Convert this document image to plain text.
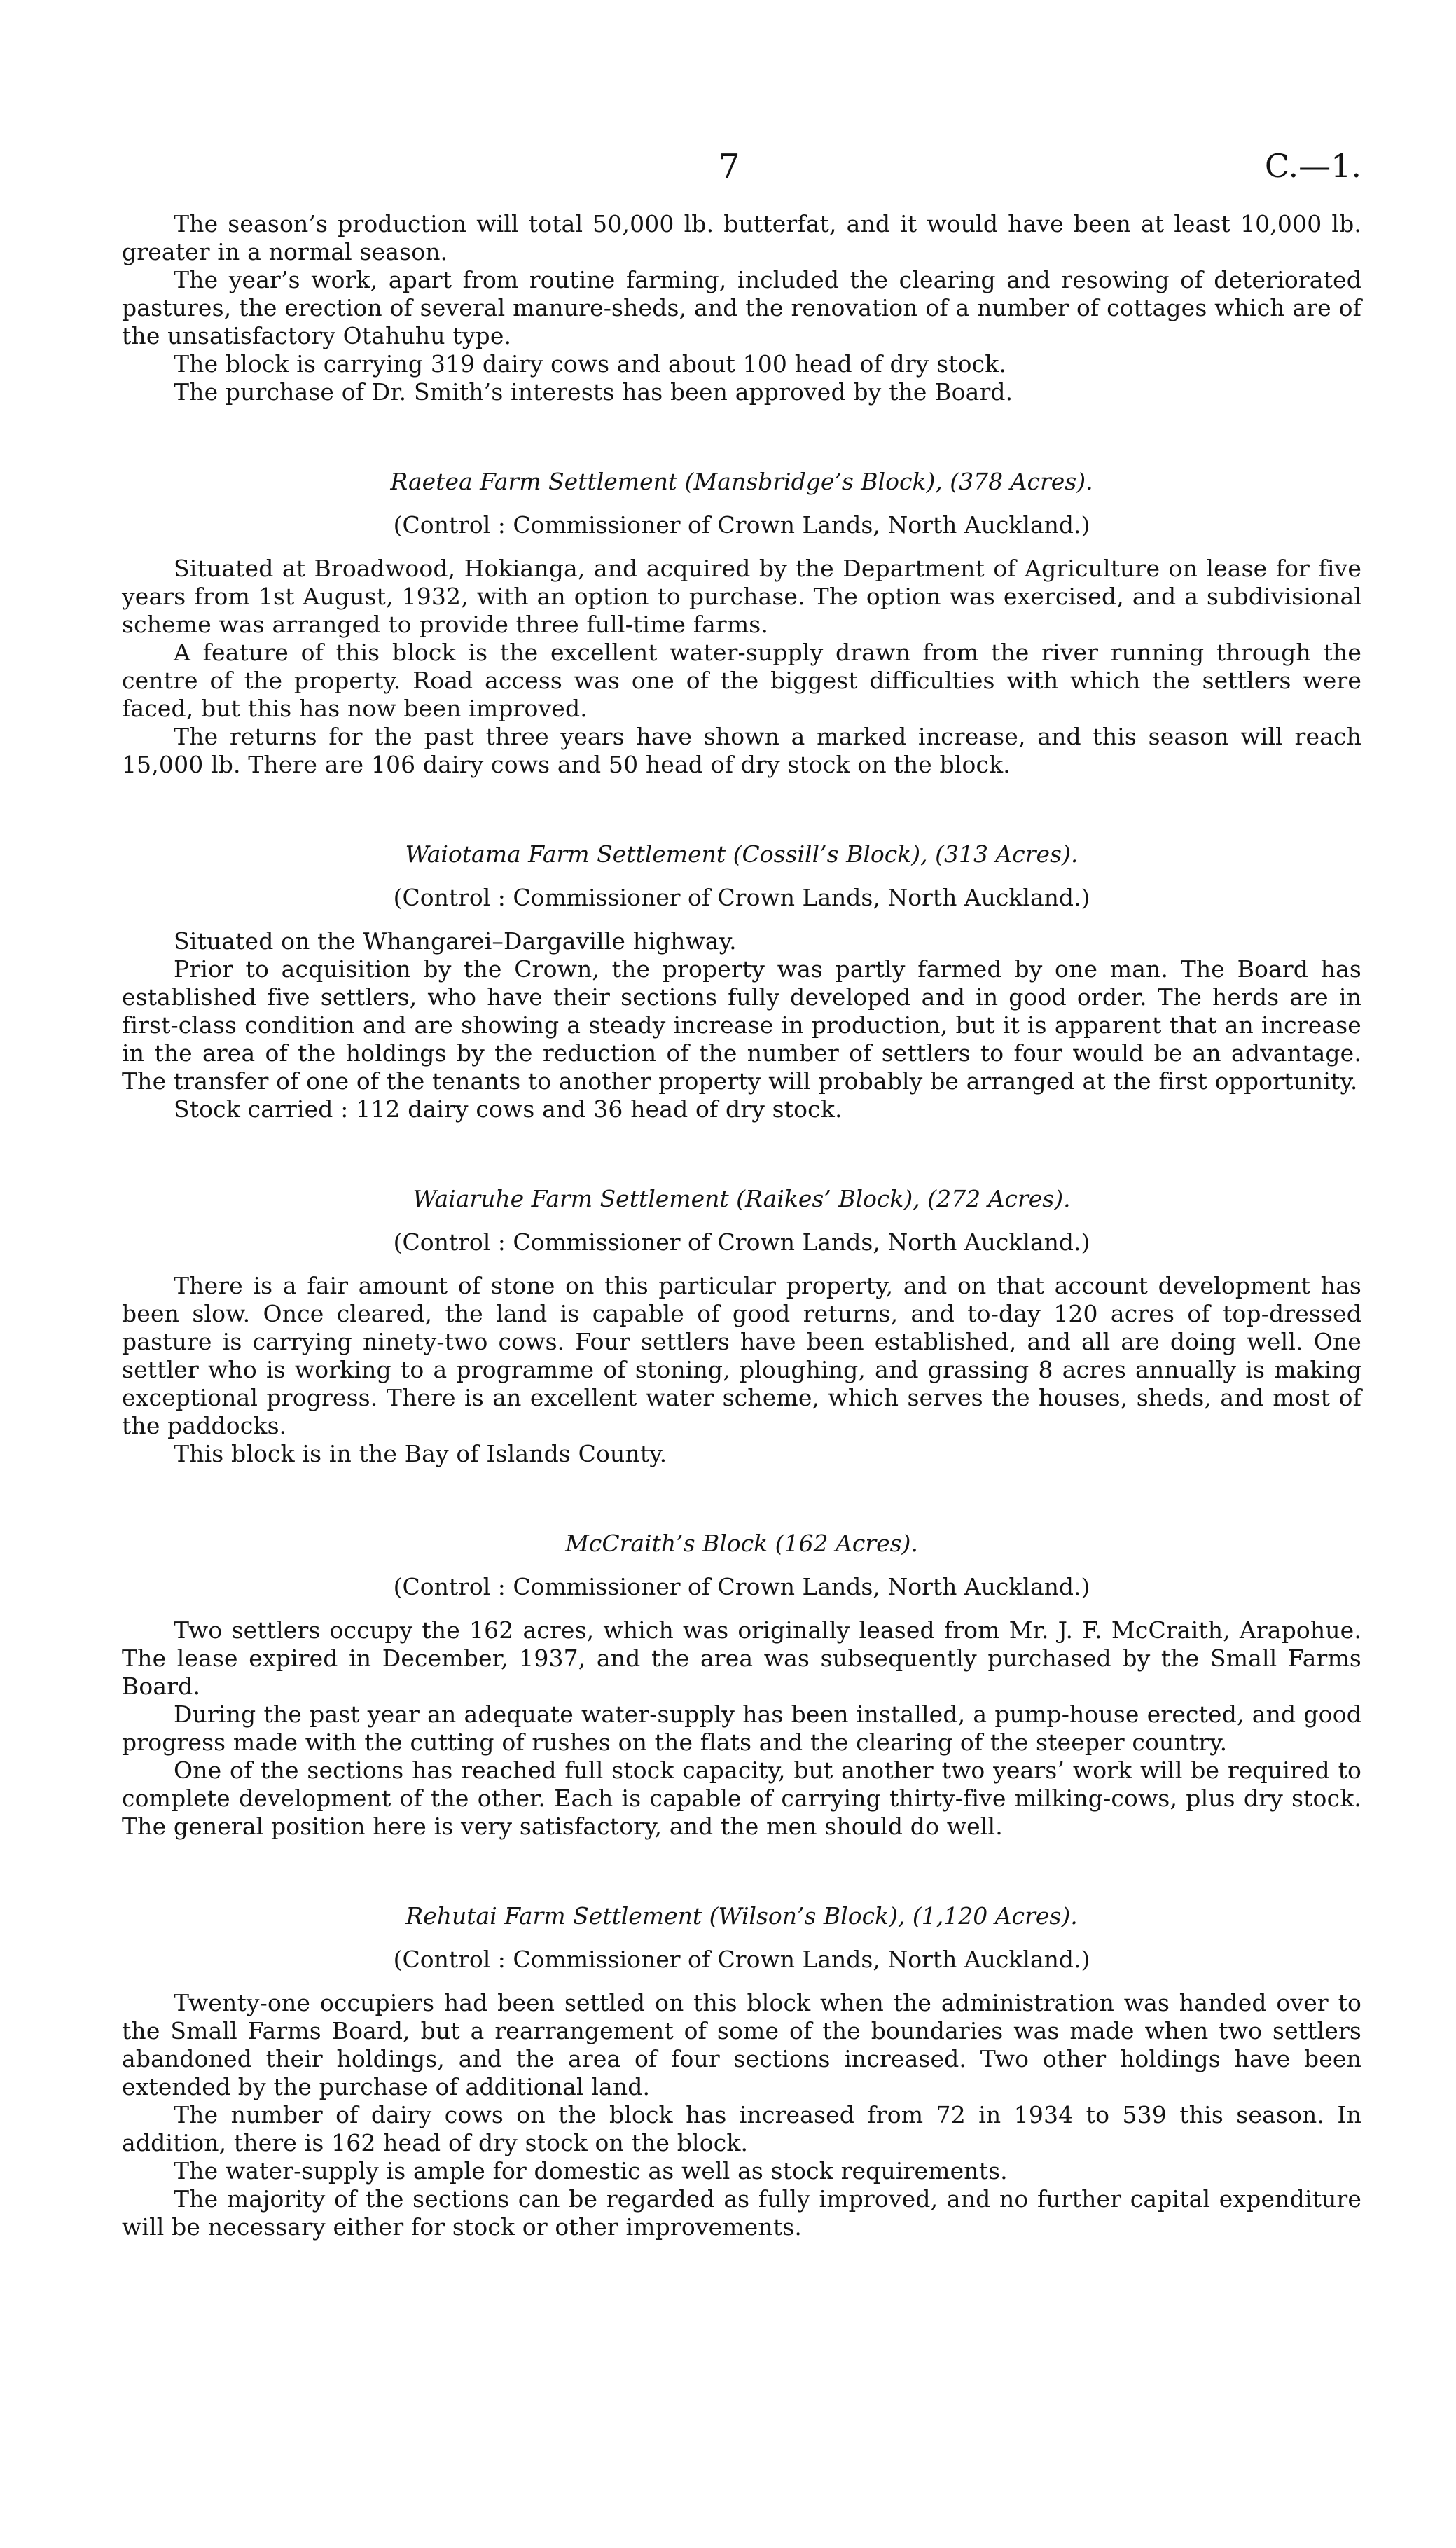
7	C.—1.

The season’s production will total 50,000 lb. butterfat, and it would have been at least 10,000 lb. greater in a normal season.

The year’s work, apart from routine farming, included the clearing and resowing of deteriorated pastures, the erection of several manure-sheds, and the renovation of a number of cottages which are of the unsatisfactory Otahuhu type.

The block is carrying 319 dairy cows and about 100 head of dry stock.

The purchase of Dr. Smith’s interests has been approved by the Board.

Raetea Farm Settlement (Mansbridge’s Block), (378 Acres).
(Control : Commissioner of Crown Lands, North Auckland.)

Situated at Broadwood, Hokianga, and acquired by the Department of Agriculture on lease for five years from 1st August, 1932, with an option to purchase. The option was exercised, and a subdivisional scheme was arranged to provide three full-time farms.

A feature of this block is the excellent water-supply drawn from the river running through the centre of the property. Road access was one of the biggest difficulties with which the settlers were faced, but this has now been improved.

The returns for the past three years have shown a marked increase, and this season will reach 15,000 lb. There are 106 dairy cows and 50 head of dry stock on the block.

Waiotama Farm Settlement (Cossill’s Block), (313 Acres).
(Control : Commissioner of Crown Lands, North Auckland.)

Situated on the Whangarei–Dargaville highway.

Prior to acquisition by the Crown, the property was partly farmed by one man. The Board has established five settlers, who have their sections fully developed and in good order. The herds are in first-class condition and are showing a steady increase in production, but it is apparent that an increase in the area of the holdings by the reduction of the number of settlers to four would be an advantage. The transfer of one of the tenants to another property will probably be arranged at the first opportunity.

Stock carried : 112 dairy cows and 36 head of dry stock.

Waiaruhe Farm Settlement (Raikes’ Block), (272 Acres).
(Control : Commissioner of Crown Lands, North Auckland.)

There is a fair amount of stone on this particular property, and on that account development has been slow. Once cleared, the land is capable of good returns, and to-day 120 acres of top-dressed pasture is carrying ninety-two cows. Four settlers have been established, and all are doing well. One settler who is working to a programme of stoning, ploughing, and grassing 8 acres annually is making exceptional progress. There is an excellent water scheme, which serves the houses, sheds, and most of the paddocks.

This block is in the Bay of Islands County.

McCraith’s Block (162 Acres).
(Control : Commissioner of Crown Lands, North Auckland.)

Two settlers occupy the 162 acres, which was originally leased from Mr. J. F. McCraith, Arapohue. The lease expired in December, 1937, and the area was subsequently purchased by the Small Farms Board.

During the past year an adequate water-supply has been installed, a pump-house erected, and good progress made with the cutting of rushes on the flats and the clearing of the steeper country.

One of the sections has reached full stock capacity, but another two years’ work will be required to complete development of the other. Each is capable of carrying thirty-five milking-cows, plus dry stock. The general position here is very satisfactory, and the men should do well.

Rehutai Farm Settlement (Wilson’s Block), (1,120 Acres).
(Control : Commissioner of Crown Lands, North Auckland.)

Twenty-one occupiers had been settled on this block when the administration was handed over to the Small Farms Board, but a rearrangement of some of the boundaries was made when two settlers abandoned their holdings, and the area of four sections increased. Two other holdings have been extended by the purchase of additional land.

The number of dairy cows on the block has increased from 72 in 1934 to 539 this season. In addition, there is 162 head of dry stock on the block.

The water-supply is ample for domestic as well as stock requirements.

The majority of the sections can be regarded as fully improved, and no further capital expenditure will be necessary either for stock or other improvements.
